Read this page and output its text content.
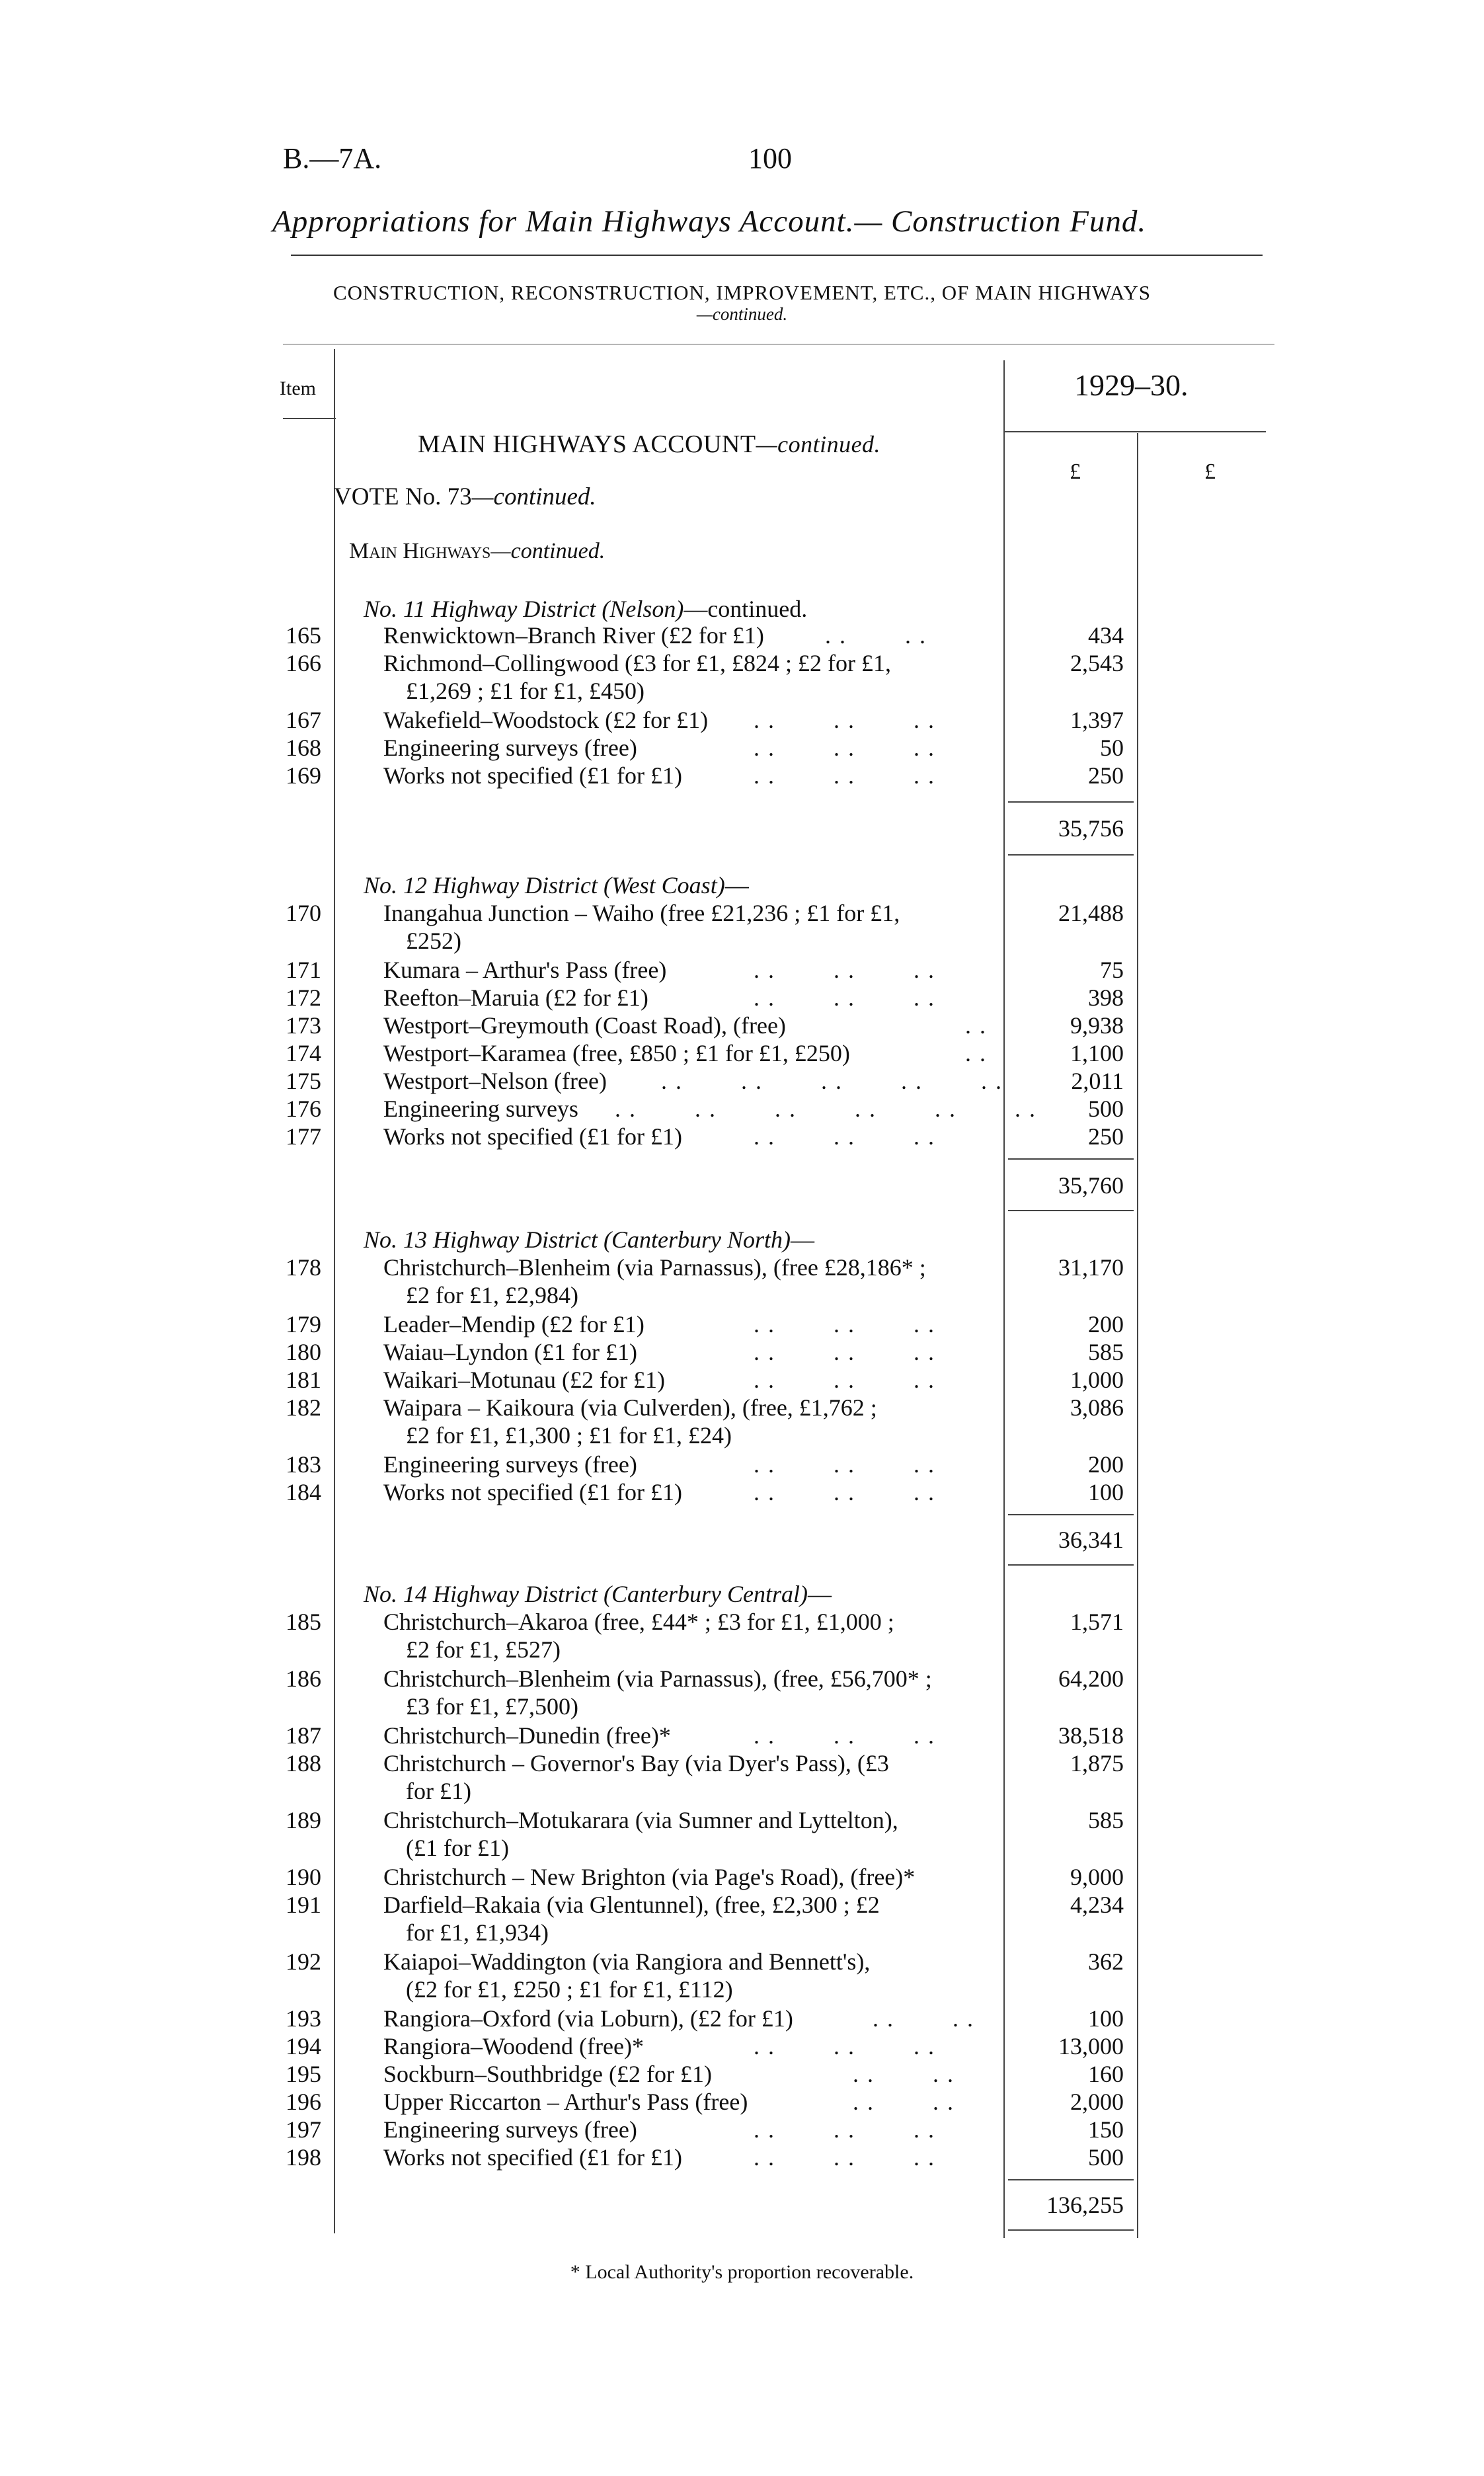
B.—7A.	100
Appropriations for Main Highways Account.— Construction Fund.
CONSTRUCTION, RECONSTRUCTION, IMPROVEMENT, ETC., OF MAIN HIGHWAYS
—continued.
Item	1929–30.
£	£
MAIN HIGHWAYS ACCOUNT—continued.
VOTE No. 73—continued.
Main Highways—continued.
No. 11 Highway District (Nelson)—continued.
165	Renwicktown–Branch River (£2 for £1)	. .        . .	434
166	Richmond–Collingwood (£3 for £1, £824 ; £2 for £1,	2,543
£1,269 ; £1 for £1, £450)
167	Wakefield–Woodstock (£2 for £1) . .        . .        . .	1,397
168	Engineering surveys (free)	. .        . .        . .	50
169	Works not specified (£1 for £1)	. .        . .        . .	250
35,756
No. 12 Highway District (West Coast)—
170	Inangahua Junction – Waiho (free £21,236 ; £1 for £1,	21,488
£252)
171	Kumara – Arthur's Pass (free)	. .        . .        . .	75
172	Reefton–Maruia (£2 for £1)	. .        . .        . .	398
173	Westport–Greymouth (Coast Road), (free)	. .	9,938
174	Westport–Karamea (free, £850 ; £1 for £1, £250)	. .	1,100
175	Westport–Nelson (free) . .        . .        . .        . .        . .	2,011
176	Engineering surveys . .        . .        . .        . .        . .        . .	500
177	Works not specified (£1 for £1)	. .        . .        . .	250
35,760
No. 13 Highway District (Canterbury North)—
178	Christchurch–Blenheim (via Parnassus), (free £28,186* ;	31,170
£2 for £1, £2,984)
179	Leader–Mendip (£2 for £1)	. .        . .        . .	200
180	Waiau–Lyndon (£1 for £1)	. .        . .        . .	585
181	Waikari–Motunau (£2 for £1)	. .        . .        . .	1,000
182	Waipara – Kaikoura (via Culverden), (free, £1,762 ;	3,086
£2 for £1, £1,300 ; £1 for £1, £24)
183	Engineering surveys (free)	. .        . .        . .	200
184	Works not specified (£1 for £1)	. .        . .        . .	100
36,341
No. 14 Highway District (Canterbury Central)—
185	Christchurch–Akaroa (free, £44* ; £3 for £1, £1,000 ;	1,571
£2 for £1, £527)
186	Christchurch–Blenheim (via Parnassus), (free, £56,700* ;	64,200
£3 for £1, £7,500)
187	Christchurch–Dunedin (free)*	. .        . .        . .	38,518
188	Christchurch – Governor's Bay (via Dyer's Pass), (£3	1,875
for £1)
189	Christchurch–Motukarara (via Sumner and Lyttelton),	585
(£1 for £1)
190	Christchurch – New Brighton (via Page's Road), (free)*	9,000
191	Darfield–Rakaia (via Glentunnel), (free, £2,300 ; £2	4,234
for £1, £1,934)
192	Kaiapoi–Waddington (via Rangiora and Bennett's),	362
(£2 for £1, £250 ; £1 for £1, £112)
193	Rangiora–Oxford (via Loburn), (£2 for £1)	. .        . .	100
194	Rangiora–Woodend (free)*	. .        . .        . .	13,000
195	Sockburn–Southbridge (£2 for £1)	. .        . .	160
196	Upper Riccarton – Arthur's Pass (free)	. .        . .	2,000
197	Engineering surveys (free)	. .        . .        . .	150
198	Works not specified (£1 for £1)	. .        . .        . .	500
136,255
* Local Authority's proportion recoverable.
